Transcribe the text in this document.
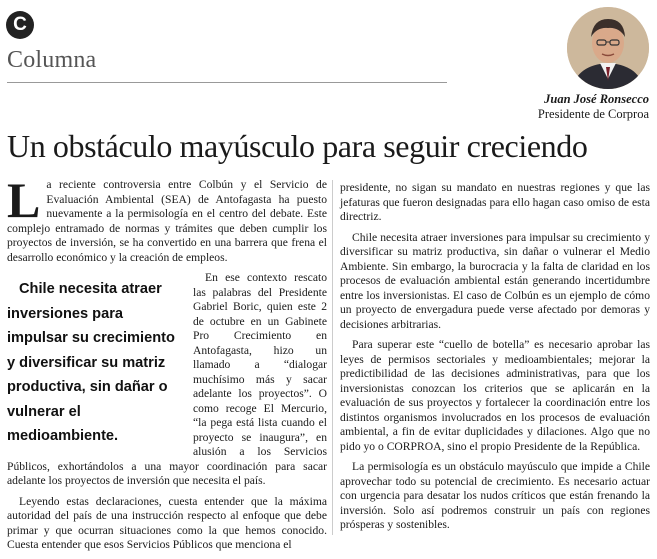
C
Columna
Juan José Ronsecco
Presidente de Corproa
Un obstáculo mayúsculo para seguir creciendo

La reciente controversia entre Colbún y el Servicio de Evaluación Ambiental (SEA) de Antofagasta ha puesto nuevamente a la permisología en el centro del debate. Este complejo entramado de normas y trámites que deben cumplir los proyectos de inversión, se ha convertido en una barrera que frena el desarrollo económico y la creación de empleos.

Chile necesita atraer inversiones para impulsar su crecimiento y diversificar su matriz productiva, sin dañar o vulnerar el medioambiente.
En ese contexto rescato las palabras del Presidente Gabriel Boric, quien este 2 de octubre en un Gabinete Pro Crecimiento en Antofagasta, hizo un llamado a “dialogar muchísimo más y sacar adelante los proyectos”. O como recoge El Mercurio, “la pega está lista cuando el proyecto se inaugura”, en alusión a los Servicios Públicos, exhortándolos a una mayor coordinación para sacar adelante los proyectos de inversión que necesita el país.

Leyendo estas declaraciones, cuesta entender que la máxima autoridad del país de una instrucción respecto al enfoque que debe primar y que ocurran situaciones como la que hemos conocido. Cuesta entender que esos Servicios Públicos que menciona el

presidente, no sigan su mandato en nuestras regiones y que las jefaturas que fueron designadas para ello hagan caso omiso de esta directriz.

Chile necesita atraer inversiones para impulsar su crecimiento y diversificar su matriz productiva, sin dañar o vulnerar el Medio Ambiente. Sin embargo, la burocracia y la falta de claridad en los procesos de evaluación ambiental están generando incertidumbre entre los inversionistas. El caso de Colbún es un ejemplo de cómo un proyecto de envergadura puede verse afectado por demoras y decisiones arbitrarias.

Para superar este “cuello de botella” es necesario aprobar las leyes de permisos sectoriales y medioambientales; mejorar la predictibilidad de las decisiones administrativas, para que los inversionistas conozcan los criterios que se aplicarán en la evaluación de sus proyectos y fortalecer la coordinación entre los distintos organismos involucrados en los procesos de evaluación ambiental, a fin de evitar duplicidades y dilaciones. Algo que no pido yo o CORPROA, sino el propio Presidente de la República.

La permisología es un obstáculo mayúsculo que impide a Chile aprovechar todo su potencial de crecimiento. Es necesario actuar con urgencia para desatar los nudos críticos que están frenando la inversión. Solo así podremos construir un país con regiones prósperas y sostenibles.
